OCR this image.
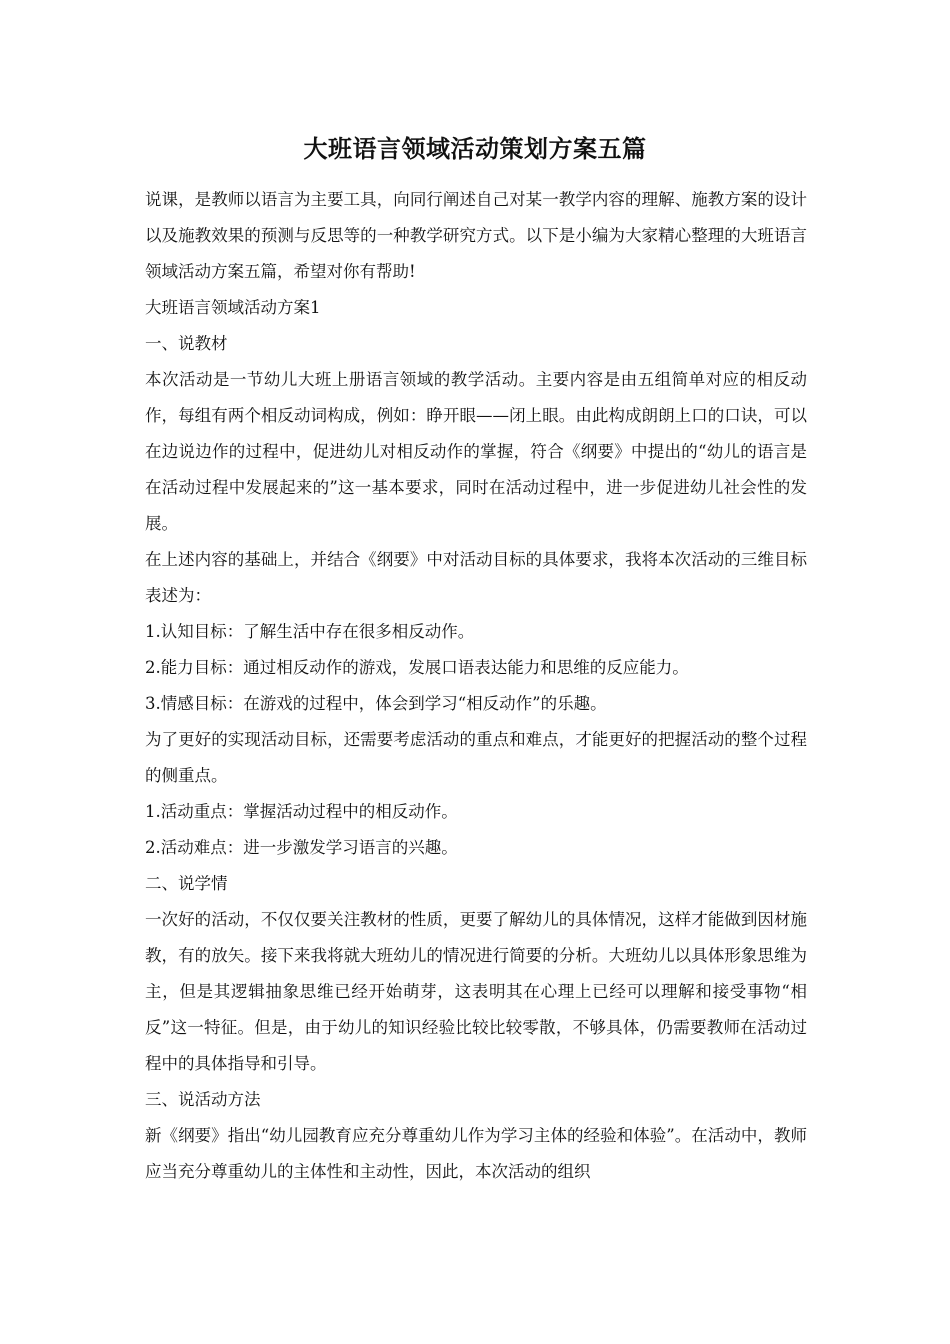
大班语言领域活动策划方案五篇

说课，是教师以语言为主要工具，向同行阐述自己对某一教学内容的理解、施教方案的设计以及施教效果的预测与反思等的一种教学研究方式。以下是小编为大家精心整理的大班语言领域活动方案五篇，希望对你有帮助!

大班语言领域活动方案1

一、说教材

本次活动是一节幼儿大班上册语言领域的教学活动。主要内容是由五组简单对应的相反动作，每组有两个相反动词构成，例如：睁开眼——闭上眼。由此构成朗朗上口的口诀，可以在边说边作的过程中，促进幼儿对相反动作的掌握，符合《纲要》中提出的“幼儿的语言是在活动过程中发展起来的”这一基本要求，同时在活动过程中，进一步促进幼儿社会性的发展。

在上述内容的基础上，并结合《纲要》中对活动目标的具体要求，我将本次活动的三维目标表述为：

1.认知目标：了解生活中存在很多相反动作。

2.能力目标：通过相反动作的游戏，发展口语表达能力和思维的反应能力。

3.情感目标：在游戏的过程中，体会到学习“相反动作”的乐趣。

为了更好的实现活动目标，还需要考虑活动的重点和难点，才能更好的把握活动的整个过程的侧重点。

1.活动重点：掌握活动过程中的相反动作。

2.活动难点：进一步激发学习语言的兴趣。

二、说学情

一次好的活动，不仅仅要关注教材的性质，更要了解幼儿的具体情况，这样才能做到因材施教，有的放矢。接下来我将就大班幼儿的情况进行简要的分析。大班幼儿以具体形象思维为主，但是其逻辑抽象思维已经开始萌芽，这表明其在心理上已经可以理解和接受事物“相反”这一特征。但是，由于幼儿的知识经验比较比较零散，不够具体，仍需要教师在活动过程中的具体指导和引导。

三、说活动方法

新《纲要》指出“幼儿园教育应充分尊重幼儿作为学习主体的经验和体验”。在活动中，教师应当充分尊重幼儿的主体性和主动性，因此，本次活动的组织
